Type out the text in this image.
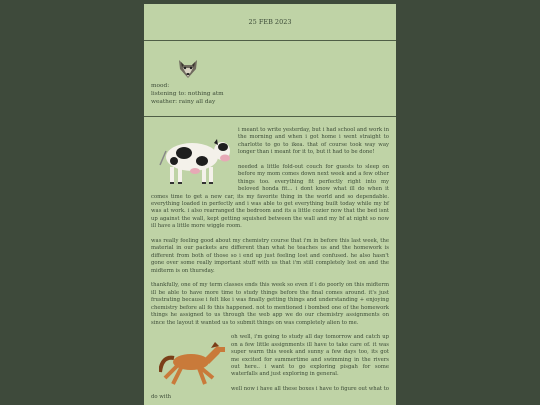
25 FEB 2023
mood:
listening to: nothing atm
weather: rainy all day

i meant to write yesterday, but i had school and work in the morning and when i got home i went straight to charlotte to go to ikea. that of course took way way longer than i meant for it to, but it had to be done!

needed a little fold-out couch for guests to sleep on before my mom comes down next week and a few other things too. everything fit perfectly right into my beloved honda fit... i dont know what ill do when it comes time to get a new car, its my favorite thing in the world and so dependable. everything loaded in perfectly and i was able to get everything built today while my bf was at work. i also rearranged the bedroom and its a little cozier now that the bed isnt up against the wall, kept getting squished between the wall and my bf at night so now ill have a little more wiggle room.

was really feeling good about my chemistry course that i'm in before this last week, the material in our packets are different than what he teaches us and the homework is different from both of those so i end up just feeling lost and confused. he also hasn't gone over some really important stuff with us that i'm still completely lost on and the midterm is on thursday.

thankfully, one of my term classes ends this week so even if i do poorly on this midterm ill be able to have more time to study things before the final comes around. it's just frustrating because i felt like i was finally getting things and understanding + enjoying chemistry before all fo this happened. not to mentioned i bombed one of the homework things he assigned to us through the web app we do our chemistry assignments on since the layout it wanted us to submit things on was completely alien to me.

oh well, i'm going to study all day tomorrow and catch up on a few little assignments ill have to take care of. it was super warm this week and sunny a few days too, its got me excited for summertime and swimming in the rivers out here.. i want to go exploring pisgah for some waterfalls and just exploring in general.

well now i have all these boxes i have to figure out what to do with
